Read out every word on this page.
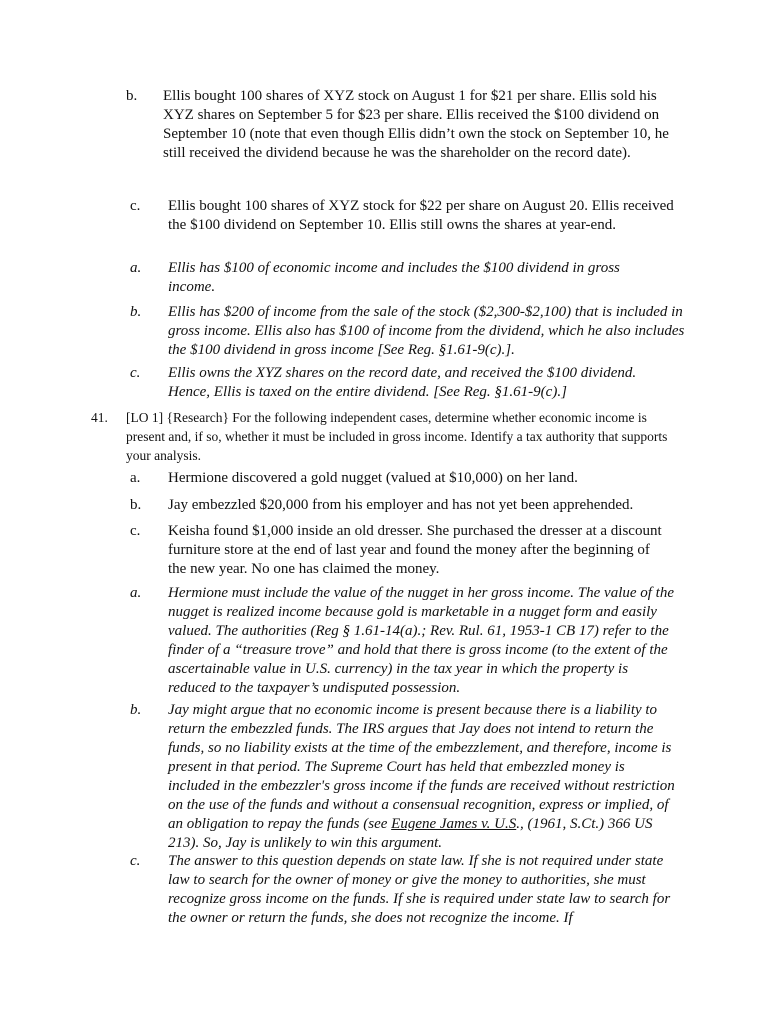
b. Ellis bought 100 shares of XYZ stock on August 1 for $21 per share. Ellis sold his XYZ shares on September 5 for $23 per share. Ellis received the $100 dividend on September 10 (note that even though Ellis didn’t own the stock on September 10, he still received the dividend because he was the shareholder on the record date).
c. Ellis bought 100 shares of XYZ stock for $22 per share on August 20. Ellis received the $100 dividend on September 10. Ellis still owns the shares at year-end.
a. Ellis has $100 of economic income and includes the $100 dividend in gross income.
b. Ellis has $200 of income from the sale of the stock ($2,300-$2,100) that is included in gross income. Ellis also has $100 of income from the dividend, which he also includes the $100 dividend in gross income [See Reg. §1.61-9(c).].
c. Ellis owns the XYZ shares on the record date, and received the $100 dividend. Hence, Ellis is taxed on the entire dividend. [See Reg. §1.61-9(c).]
41. [LO 1] {Research} For the following independent cases, determine whether economic income is present and, if so, whether it must be included in gross income. Identify a tax authority that supports your analysis.
a. Hermione discovered a gold nugget (valued at $10,000) on her land.
b. Jay embezzled $20,000 from his employer and has not yet been apprehended.
c. Keisha found $1,000 inside an old dresser. She purchased the dresser at a discount furniture store at the end of last year and found the money after the beginning of the new year. No one has claimed the money.
a. Hermione must include the value of the nugget in her gross income. The value of the nugget is realized income because gold is marketable in a nugget form and easily valued. The authorities (Reg § 1.61-14(a).; Rev. Rul. 61, 1953-1 CB 17) refer to the finder of a “treasure trove” and hold that there is gross income (to the extent of the ascertainable value in U.S. currency) in the tax year in which the property is reduced to the taxpayer’s undisputed possession.
b. Jay might argue that no economic income is present because there is a liability to return the embezzled funds. The IRS argues that Jay does not intend to return the funds, so no liability exists at the time of the embezzlement, and therefore, income is present in that period. The Supreme Court has held that embezzled money is included in the embezzler's gross income if the funds are received without restriction on the use of the funds and without a consensual recognition, express or implied, of an obligation to repay the funds (see Eugene James v. U.S., (1961, S.Ct.) 366 US 213). So, Jay is unlikely to win this argument.
c. The answer to this question depends on state law. If she is not required under state law to search for the owner of money or give the money to authorities, she must recognize gross income on the funds. If she is required under state law to search for the owner or return the funds, she does not recognize the income. If
